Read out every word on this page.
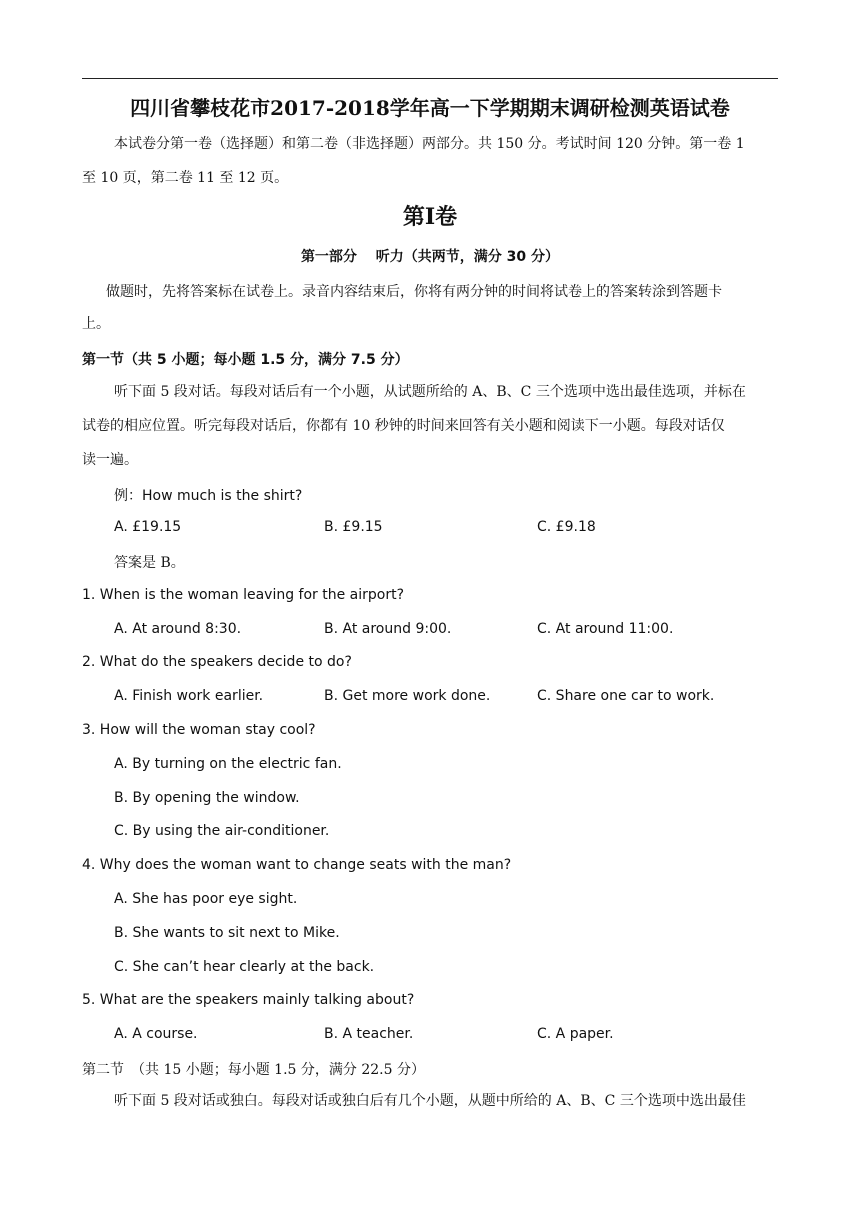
四川省攀枝花市2017-2018学年高一下学期期末调研检测英语试卷
本试卷分第一卷（选择题）和第二卷（非选择题）两部分。共 150 分。考试时间 120 分钟。第一卷 1
至 10 页，第二卷 11 至 12 页。
第Ⅰ卷
第一部分　 听力（共两节，满分 30 分）
做题时，先将答案标在试卷上。录音内容结束后，你将有两分钟的时间将试卷上的答案转涂到答题卡
上。
第一节（共 5 小题；每小题 1.5 分，满分 7.5 分）
听下面 5 段对话。每段对话后有一个小题，从试题所给的 A、B、C 三个选项中选出最佳选项，并标在
试卷的相应位置。听完每段对话后，你都有 10 秒钟的时间来回答有关小题和阅读下一小题。每段对话仅
读一遍。
例：How much is the shirt?
A. £19.15	B. £9.15	C. £9.18
答案是 B。
1. When is the woman leaving for the airport?
A. At around 8:30.	B. At around 9:00.	C. At around 11:00.
2. What do the speakers decide to do?
A. Finish work earlier.	B. Get more work done.	C. Share one car to work.
3. How will the woman stay cool?
A. By turning on the electric fan.
B. By opening the window.
C. By using the air-conditioner.
4. Why does the woman want to change seats with the man?
A. She has poor eye sight.
B. She wants to sit next to Mike.
C. She can’t hear clearly at the back.
5. What are the speakers mainly talking about?
A. A course.	B. A teacher.	C. A paper.
第二节　（共 15 小题；每小题 1.5 分，满分 22.5 分）
听下面 5 段对话或独白。每段对话或独白后有几个小题，从题中所给的 A、B、C 三个选项中选出最佳
